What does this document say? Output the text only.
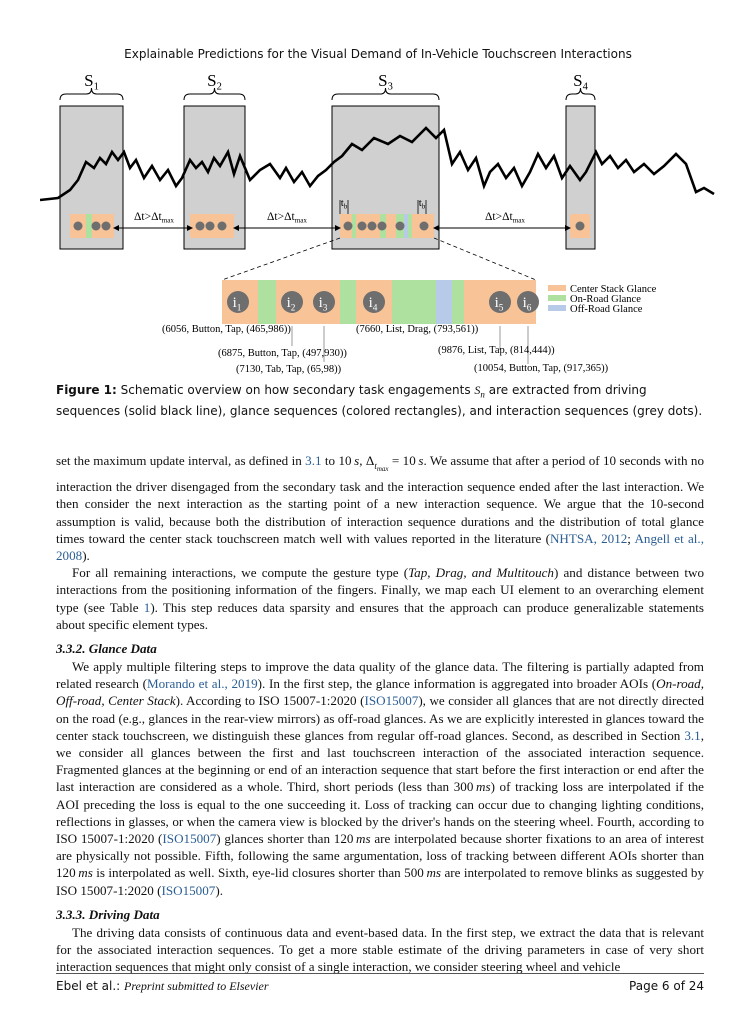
Explainable Predictions for the Visual Demand of In-Vehicle Touchscreen Interactions
$S_1$	$S_2$	$S_3$	$S_4$
$\Delta t>\Delta t_{max}$	$\Delta t>\Delta t_{max}$	$\Delta t>\Delta t_{max}$
$t_b$	$t_b$
$i_1$	$i_2$ $i_3$	$i_4$	$i_5$ $i_6$
Center Stack Glance
On-Road Glance
Off-Road Glance
(6056, Button, Tap, (465,986))	(7660, List, Drag, (793,561))
(6875, Button, Tap, (497,930))	(9876, List, Tap, (814,444))
(7130, Tab, Tap, (65,98))	(10054, Button, Tap, (917,365))
Figure 1: Schematic overview on how secondary task engagements $S_n$ are extracted from driving sequences (solid black line), glance sequences (colored rectangles), and interaction sequences (grey dots).

set the maximum update interval, as defined in 3.1 to 10  s, $\Delta_{tmax} = 10$  s. We assume that after a period of 10 seconds with no interaction the driver disengaged from the secondary task and the interaction sequence ended after the last interaction. We then consider the next interaction as the starting point of a new interaction sequence. We argue that the 10-second assumption is valid, because both the distribution of interaction sequence durations and the distribution of total glance times toward the center stack touchscreen match well with values reported in the literature (NHTSA, 2012; Angell et al., 2008).

For all remaining interactions, we compute the gesture type (Tap, Drag, and Multitouch) and distance between two interactions from the positioning information of the fingers. Finally, we map each UI element to an overarching element type (see Table 1). This step reduces data sparsity and ensures that the approach can produce generalizable statements about specific element types.

3.3.2. Glance Data

We apply multiple filtering steps to improve the data quality of the glance data. The filtering is partially adapted from related research (Morando et al., 2019). In the first step, the glance information is aggregated into broader AOIs (On-road, Off-road, Center Stack). According to ISO 15007-1:2020 (ISO15007), we consider all glances that are not directly directed on the road (e.g., glances in the rear-view mirrors) as off-road glances. As we are explicitly interested in glances toward the center stack touchscreen, we distinguish these glances from regular off-road glances. Second, as described in Section 3.1, we consider all glances between the first and last touchscreen interaction of the associated interaction sequence. Fragmented glances at the beginning or end of an interaction sequence that start before the first interaction or end after the last interaction are considered as a whole. Third, short periods (less than 300  ms) of tracking loss are interpolated if the AOI preceding the loss is equal to the one succeeding it. Loss of tracking can occur due to changing lighting conditions, reflections in glasses, or when the camera view is blocked by the driver's hands on the steering wheel. Fourth, according to ISO 15007-1:2020 (ISO15007) glances shorter than 120  ms are interpolated because shorter fixations to an area of interest are physically not possible. Fifth, following the same argumentation, loss of tracking between different AOIs shorter than 120  ms is interpolated as well. Sixth, eye-lid closures shorter than 500  ms are interpolated to remove blinks as suggested by ISO 15007-1:2020 (ISO15007).

3.3.3. Driving Data

The driving data consists of continuous data and event-based data. In the first step, we extract the data that is relevant for the associated interaction sequences. To get a more stable estimate of the driving parameters in case of very short interaction sequences that might only consist of a single interaction, we consider steering wheel and vehicle

Ebel et al.: Preprint submitted to Elsevier	Page 6 of 24
